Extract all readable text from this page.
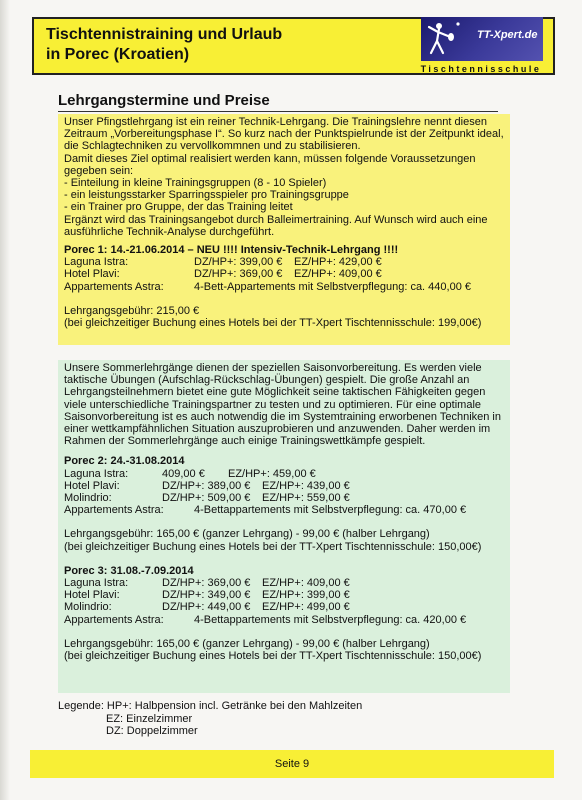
Tischtennistraining und Urlaub
in Porec (Kroatien)
TT-Xpert.de
Tischtennisschule
Lehrgangstermine und Preise

Unser Pfingstlehrgang ist ein reiner Technik-Lehrgang. Die Trainingslehre nennt diesen

Zeitraum „Vorbereitungsphase I“. So kurz nach der Punktspielrunde ist der Zeitpunkt ideal,

die Schlagtechniken zu vervollkommnen und zu stabilisieren.

Damit dieses Ziel optimal realisiert werden kann, müssen folgende Voraussetzungen

gegeben sein:

- Einteilung in kleine Trainingsgruppen (8 - 10 Spieler)

- ein leistungsstarker Sparringsspieler pro Trainingsgruppe

- ein Trainer pro Gruppe, der das Training leitet

Ergänzt wird das Trainingsangebot durch Balleimertraining. Auf Wunsch wird auch eine

ausführliche Technik-Analyse durchgeführt.

Porec 1: 14.-21.06.2014 – NEU !!!! Intensiv-Technik-Lehrgang !!!!

Laguna Istra:	DZ/HP+: 399,00 €	EZ/HP+: 429,00 €
Hotel Plavi:	DZ/HP+: 369,00 €	EZ/HP+: 409,00 €
Appartements Astra:	4-Bett-Appartements mit Selbstverpflegung: ca. 440,00 €

Lehrgangsgebühr: 215,00 €

(bei gleichzeitiger Buchung eines Hotels bei der TT-Xpert Tischtennisschule: 199,00€)

Unsere Sommerlehrgänge dienen der speziellen Saisonvorbereitung. Es werden viele

taktische Übungen (Aufschlag-Rückschlag-Übungen) gespielt. Die große Anzahl an

Lehrgangsteilnehmern bietet eine gute Möglichkeit seine taktischen Fähigkeiten gegen

viele unterschiedliche Trainingspartner zu testen und zu optimieren. Für eine optimale

Saisonvorbereitung ist es auch notwendig die im Systemtraining erworbenen Techniken in

einer wettkampfähnlichen Situation auszuprobieren und anzuwenden. Daher werden im

Rahmen der Sommerlehrgänge auch einige Trainingswettkämpfe gespielt.

Porec 2: 24.-31.08.2014

Laguna Istra:	409,00 €	EZ/HP+: 459,00 €
Hotel Plavi:	DZ/HP+: 389,00 €	EZ/HP+: 439,00 €
Molindrio:	DZ/HP+: 509,00 €	EZ/HP+: 559,00 €
Appartements Astra:	4-Bettappartements mit Selbstverpflegung: ca. 470,00 €

Lehrgangsgebühr: 165,00 € (ganzer Lehrgang) - 99,00 € (halber Lehrgang)

(bei gleichzeitiger Buchung eines Hotels bei der TT-Xpert Tischtennisschule: 150,00€)

Porec 3: 31.08.-7.09.2014

Laguna Istra:	DZ/HP+: 369,00 €	EZ/HP+: 409,00 €
Hotel Plavi:	DZ/HP+: 349,00 €	EZ/HP+: 399,00 €
Molindrio:	DZ/HP+: 449,00 €	EZ/HP+: 499,00 €
Appartements Astra:	4-Bettappartements mit Selbstverpflegung: ca. 420,00 €

Lehrgangsgebühr: 165,00 € (ganzer Lehrgang) - 99,00 € (halber Lehrgang)

(bei gleichzeitiger Buchung eines Hotels bei der TT-Xpert Tischtennisschule: 150,00€)

Legende: HP+: Halbpension incl. Getränke bei den Mahlzeiten

EZ: Einzelzimmer

DZ: Doppelzimmer

Seite 9
